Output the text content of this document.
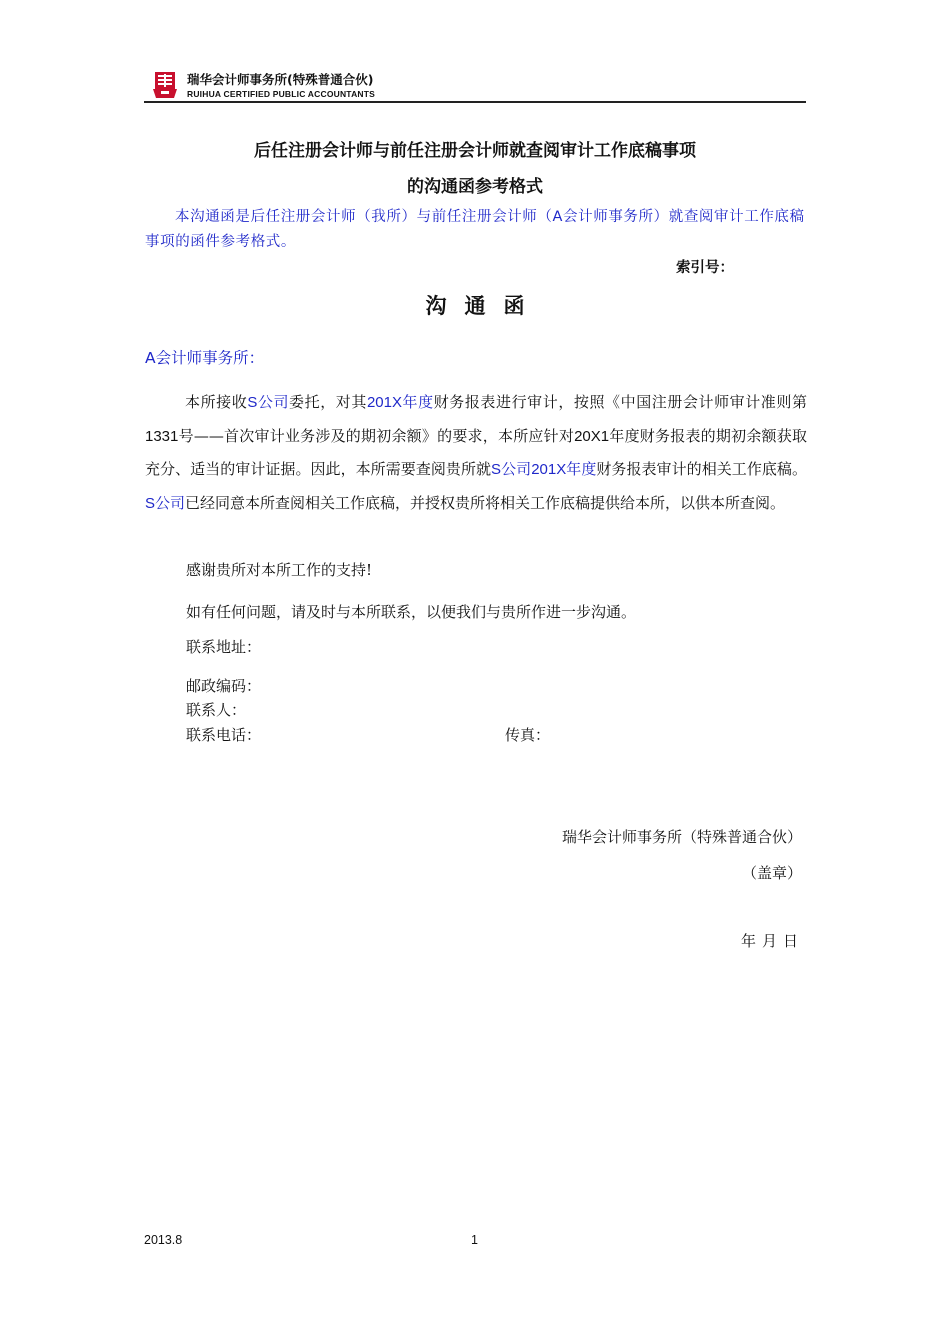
瑞华会计师事务所(特殊普通合伙)
RUIHUA CERTIFIED PUBLIC ACCOUNTANTS
后任注册会计师与前任注册会计师就查阅审计工作底稿事项
的沟通函参考格式
本沟通函是后任注册会计师（我所）与前任注册会计师（A会计师事务所）就查阅审计工作底稿事项的函件参考格式。
索引号：
沟通函
A会计师事务所：
本所接收S公司委托，对其201X年度财务报表进行审计，按照《中国注册会计师审计准则第1331号——首次审计业务涉及的期初余额》的要求，本所应针对20X1年度财务报表的期初余额获取充分、适当的审计证据。因此，本所需要查阅贵所就S公司201X年度财务报表审计的相关工作底稿。S公司已经同意本所查阅相关工作底稿，并授权贵所将相关工作底稿提供给本所，以供本所查阅。
感谢贵所对本所工作的支持!
如有任何问题，请及时与本所联系，以便我们与贵所作进一步沟通。
联系地址：
邮政编码：
联系人：
联系电话：	传真：
瑞华会计师事务所（特殊普通合伙）
（盖章）
年月日
2013.8	1
